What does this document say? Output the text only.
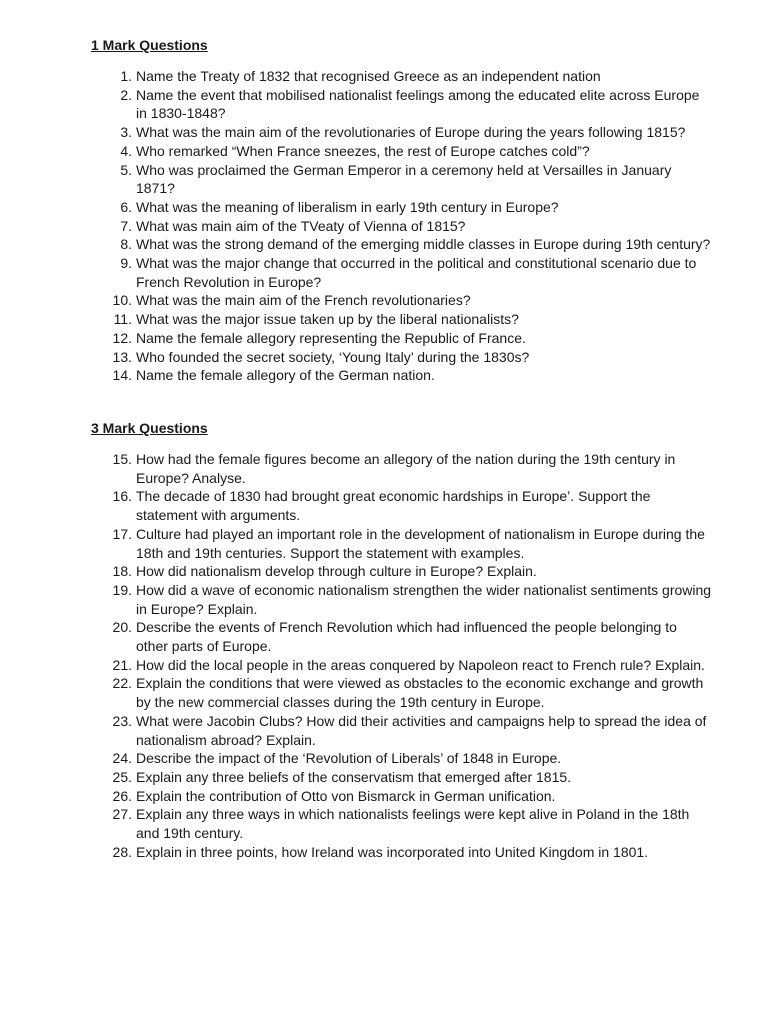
1 Mark Questions
1. Name the Treaty of 1832 that recognised Greece as an independent nation
2. Name the event that mobilised nationalist feelings among the educated elite across Europe in 1830-1848?
3. What was the main aim of the revolutionaries of Europe during the years following 1815?
4. Who remarked “When France sneezes, the rest of Europe catches cold”?
5. Who was proclaimed the German Emperor in a ceremony held at Versailles in January 1871?
6. What was the meaning of liberalism in early 19th century in Europe?
7. What was main aim of the TVeaty of Vienna of 1815?
8. What was the strong demand of the emerging middle classes in Europe during 19th century?
9. What was the major change that occurred in the political and constitutional scenario due to French Revolution in Europe?
10. What was the main aim of the French revolutionaries?
11. What was the major issue taken up by the liberal nationalists?
12. Name the female allegory representing the Republic of France.
13. Who founded the secret society, ‘Young Italy’ during the 1830s?
14. Name the female allegory of the German nation.
3 Mark Questions
15. How had the female figures become an allegory of the nation during the 19th century in Europe? Analyse.
16. The decade of 1830 had brought great economic hardships in Europe’. Support the statement with arguments.
17. Culture had played an important role in the development of nationalism in Europe during the 18th and 19th centuries. Support the statement with examples.
18. How did nationalism develop through culture in Europe? Explain.
19. How did a wave of economic nationalism strengthen the wider nationalist sentiments growing in Europe? Explain.
20. Describe the events of French Revolution which had influenced the people belonging to other parts of Europe.
21. How did the local people in the areas conquered by Napoleon react to French rule? Explain.
22. Explain the conditions that were viewed as obstacles to the economic exchange and growth by the new commercial classes during the 19th century in Europe.
23. What were Jacobin Clubs? How did their activities and campaigns help to spread the idea of nationalism abroad? Explain.
24. Describe the impact of the ‘Revolution of Liberals’ of 1848 in Europe.
25. Explain any three beliefs of the conservatism that emerged after 1815.
26. Explain the contribution of Otto von Bismarck in German unification.
27. Explain any three ways in which nationalists feelings were kept alive in Poland in the 18th and 19th century.
28. Explain in three points, how Ireland was incorporated into United Kingdom in 1801.
